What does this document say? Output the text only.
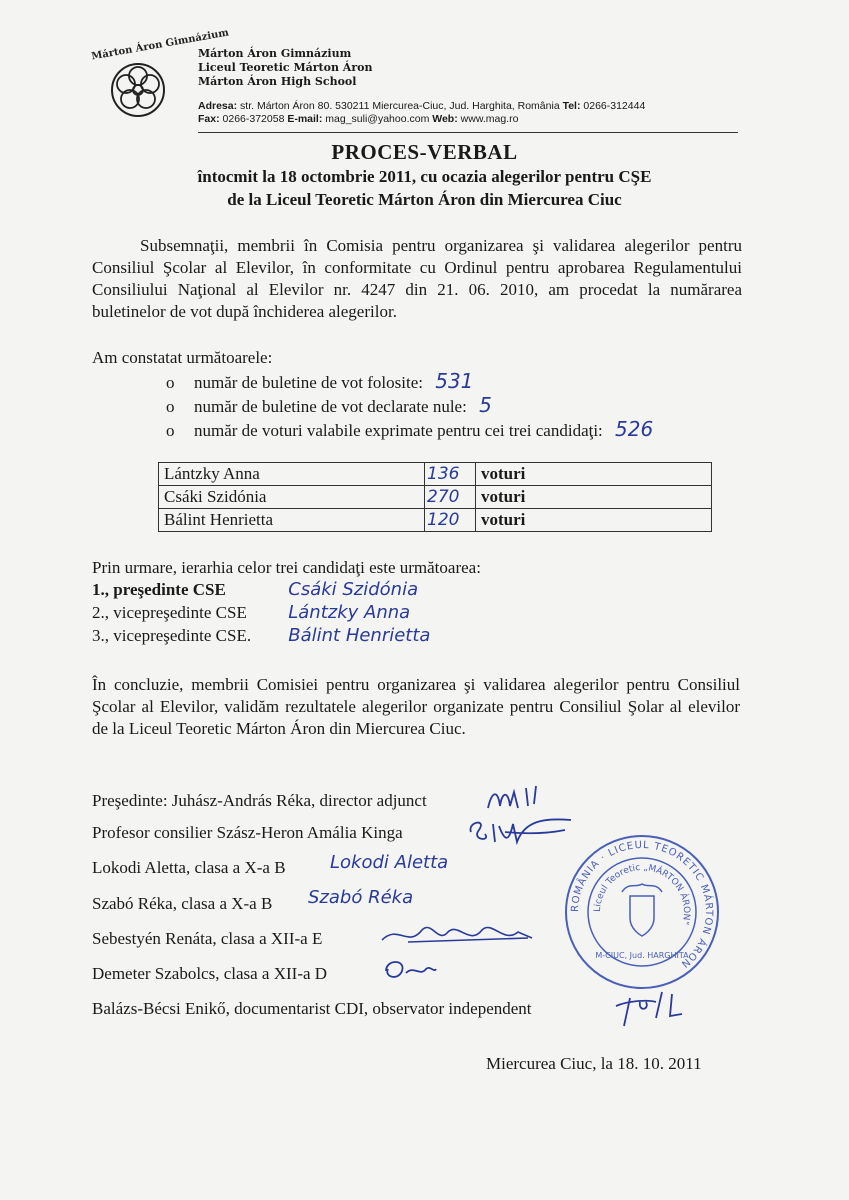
Márton Áron Gimnázium
Márton Áron Gimnázium
Liceul Teoretic Márton Áron
Márton Áron High School
Adresa: str. Márton Áron 80. 530211 Miercurea-Ciuc, Jud. Harghita, România Tel: 0266-312444
Fax: 0266-372058 E-mail: mag_suli@yahoo.com Web: www.mag.ro
PROCES-VERBAL
întocmit la 18 octombrie 2011, cu ocazia alegerilor pentru CŞE
de la Liceul Teoretic Márton Áron din Miercurea Ciuc
Subsemnaţii, membrii în Comisia pentru organizarea şi validarea alegerilor pentru Consiliul Şcolar al Elevilor, în conformitate cu Ordinul pentru aprobarea Regulamentului Consiliului Naţional al Elevilor nr. 4247 din 21. 06. 2010, am procedat la numărarea buletinelor de vot după închiderea alegerilor.
Am constatat următoarele:
o număr de buletine de vot folosite: 531
o număr de buletine de vot declarate nule: 5
o număr de voturi valabile exprimate pentru cei trei candidaţi: 526
Lántzky Anna	136	voturi
Csáki Szidónia	270	voturi
Bálint Henrietta	120	voturi
Prin urmare, ierarhia celor trei candidaţi este următoarea:
1., preşedinte CSE	Csáki Szidónia
2., vicepreşedinte CSE Lántzky Anna
3., vicepreşedinte CSE. Bálint Henrietta
În concluzie, membrii Comisiei pentru organizarea şi validarea alegerilor pentru Consiliul Şcolar al Elevilor, validăm rezultatele alegerilor organizate pentru Consiliul Şolar al elevilor de la Liceul Teoretic Márton Áron din Miercurea Ciuc.
Preşedinte: Juhász-András Réka, director adjunct
Profesor consilier Szász-Heron Amália Kinga
Lokodi Aletta, clasa a X-a B
Szabó Réka, clasa a X-a B
Sebestyén Renáta, clasa a XII-a E
Demeter Szabolcs, clasa a XII-a D
Balázs-Bécsi Enikő, documentarist CDI, observator independent
Lokodi Aletta
Szabó Réka	ROMÂNIA · LICEUL TEORETIC MÁRTON ÁRON
Liceul Teoretic „MÁRTON ÁRON"
M-CIUC, Jud. HARGHITA
Miercurea Ciuc, la 18. 10. 2011
